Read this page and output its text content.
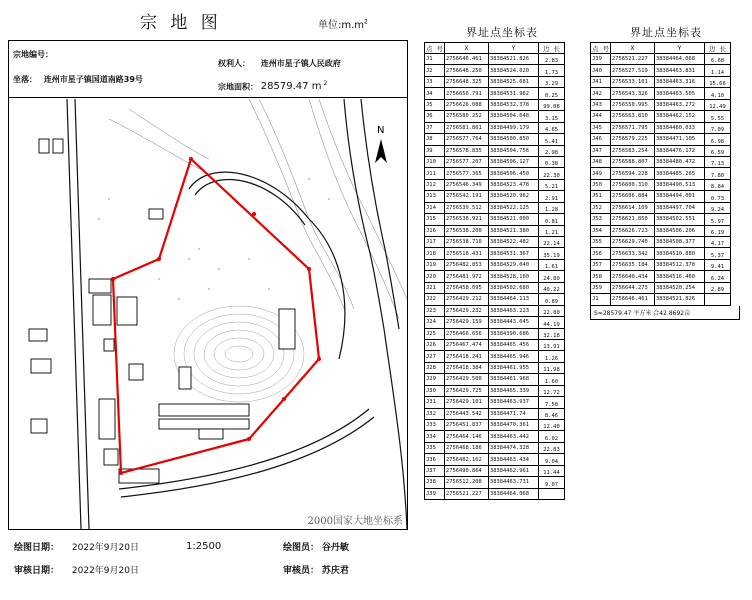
宗 地 图	单位$:m.m^2$
宗地编号：
坐落： 连州市星子镇国道南路39号
权利人： 连州市星子镇人民政府
宗地面积： 28579.47 m $^2$
N
2000国家大地坐标系
绘图日期： 2022年9月20日
审核日期： 2022年9月20日
1:2500	绘图员： 谷丹敏
审核员： 苏庆君
界址点坐标表
点 号	X	Y	边 长
J1	2756646.461	38384521.826	2.83
J2	2756648.250	38384524.020	1.73
J3	2756648.325	38384525.681	3.29
J4	2756656.791	38384531.962	0.25
J5	2756626.088	38384532.378	99.08
J6	2756580.252	38384504.048	3.15
J7	2756581.801	38384499.179	4.65
J8	2756577.764	38384500.850	5.41
J9	2756578.835	38384504.756	2.98
J10	2756577.207	38384506.127	0.38
J11	2756577.365	38384506.450	22.30
J12	2756546.349	38384523.478	5.21
J13	2756542.191	38384520.962	2.91
J14	2756539.512	38384522.125	1.28
J15	2756538.921	38384521.000	0.81
J16	2756538.200	38384521.380	1.21
J17	2756538.710	38384522.482	22.14
J18	2756518.431	38384531.367	35.19
J19	2756482.853	38384529.040	1.61
J20	2756481.972	38384528.160	24.80
J21	2756458.095	38384502.680	40.22
J22	2756429.212	38384464.113	0.89
J23	2756429.232	38384463.223	22.80
J24	2756429.159	38384443.045	44.19
J25	2756466.656	38384390.686	32.18
J26	2756467.474	38384465.456	13.91
J27	2756418.241	38384465.946	1.26
J28	2756418.384	38384461.955	11.98
J29	2756429.500	38384461.968	1.60
J30	2756429.725	38384465.339	12.72
J31	2756429.101	38384463.937	7.50
J32	2756443.542	38384471.74	8.46
J33	2756451.837	38384470.361	12.40
J34	2756464.146	38384463.442	6.02
J35	2756468.186	38384474.328	22.83
J36	2756482.162	38384463.434	9.04
J37	2756490.864	38384462.961	11.44
J38	2756512.208	38384463.731	9.07
J39	2756521.227	38384464.068	
界址点坐标表
点 号	X	Y	边 长
J39	2756521.227	38384464.068	6.68
J40	2756527.519	38384463.831	1.14
J41	2756533.101	38384463.316	15.66
J42	2756543.326	38384463.505	4.10
J43	2756550.995	38384463.272	12.49
J44	2756563.810	38384462.152	5.55
J45	2756571.795	38384460.033	7.09
J46	2756579.225	38384471.105	6.98
J47	2756583.254	38384476.172	6.59
J48	2756588.807	38384480.472	7.13
J49	2756594.228	38384485.265	7.80
J50	2756600.310	38384490.513	8.84
J51	2756606.884	38384494.001	0.73
J52	2756614.109	38384497.704	9.24
J53	2756621.850	38384502.551	5.97
J54	2756626.723	38384506.206	6.19
J55	2756629.740	38384508.377	4.17
J56	2756633.342	38384510.880	5.37
J57	2756635.184	38384512.378	9.41
J58	2756640.434	38384516.460	6.24
J59	2756644.273	38384520.254	2.89
J1	2756646.461	38384521.826	
S=28579.47 平方米 合42.8692亩
